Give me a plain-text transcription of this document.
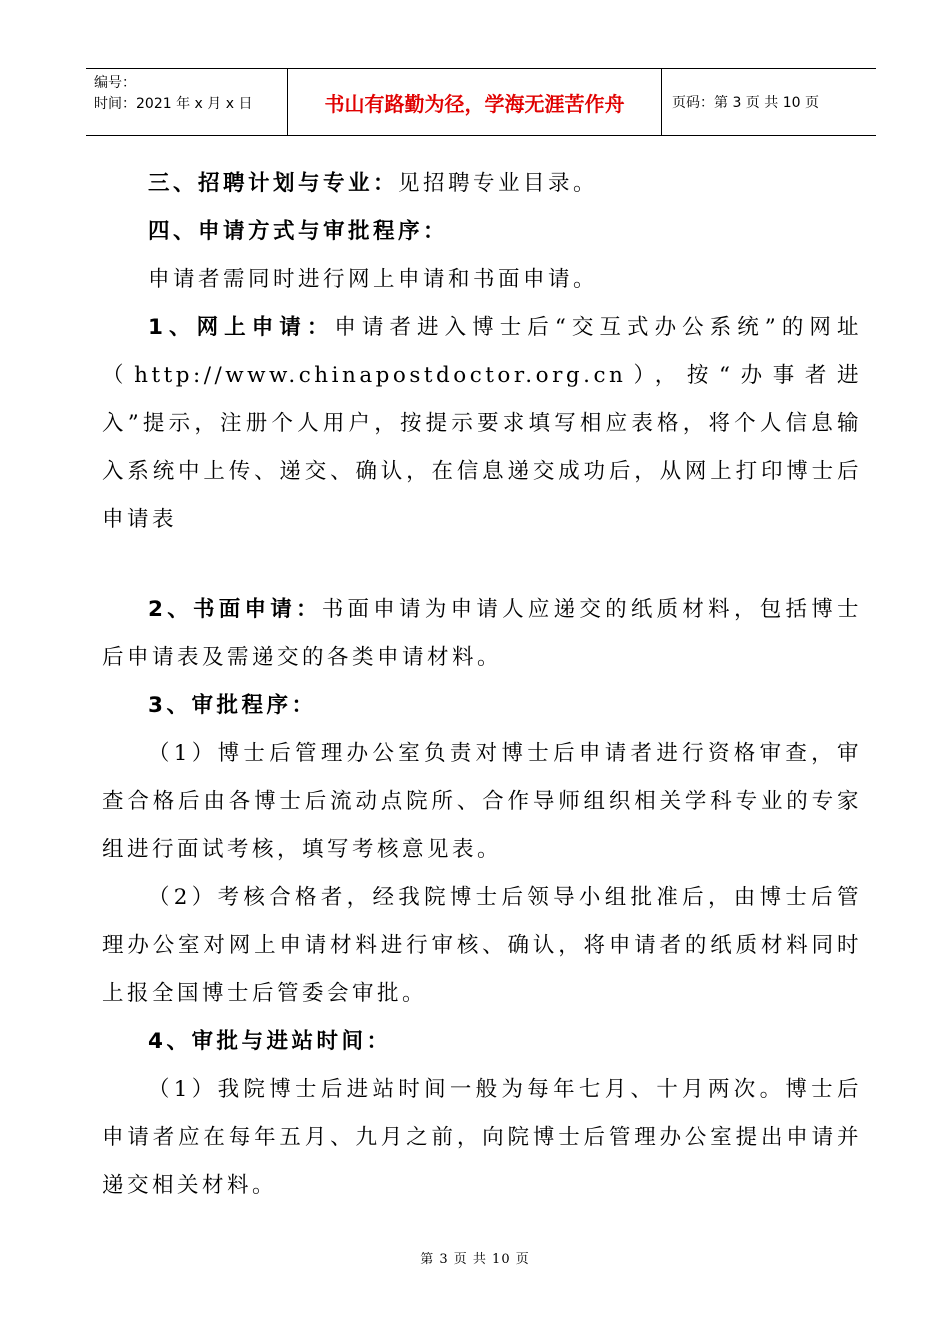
编号：
时间：2021 年 x 月 x 日	书山有路勤为径，学海无涯苦作舟	页码：第 3 页 共 10 页

三、招聘计划与专业：见招聘专业目录。

四、申请方式与审批程序：

申请者需同时进行网上申请和书面申请。

1、网上申请：申请者进入博士后“交互式办公系统”的网址（http://www.chinapostdoctor.org.cn），按“办事者进入”提示，注册个人用户，按提示要求填写相应表格，将个人信息输入系统中上传、递交、确认，在信息递交成功后，从网上打印博士后申请表

2、书面申请：书面申请为申请人应递交的纸质材料，包括博士后申请表及需递交的各类申请材料。

3、审批程序：

（1）博士后管理办公室负责对博士后申请者进行资格审查，审查合格后由各博士后流动点院所、合作导师组织相关学科专业的专家组进行面试考核，填写考核意见表。

（2）考核合格者，经我院博士后领导小组批准后，由博士后管理办公室对网上申请材料进行审核、确认，将申请者的纸质材料同时上报全国博士后管委会审批。

4、审批与进站时间：

（1）我院博士后进站时间一般为每年七月、十月两次。博士后申请者应在每年五月、九月之前，向院博士后管理办公室提出申请并递交相关材料。

第 3 页 共 10 页
